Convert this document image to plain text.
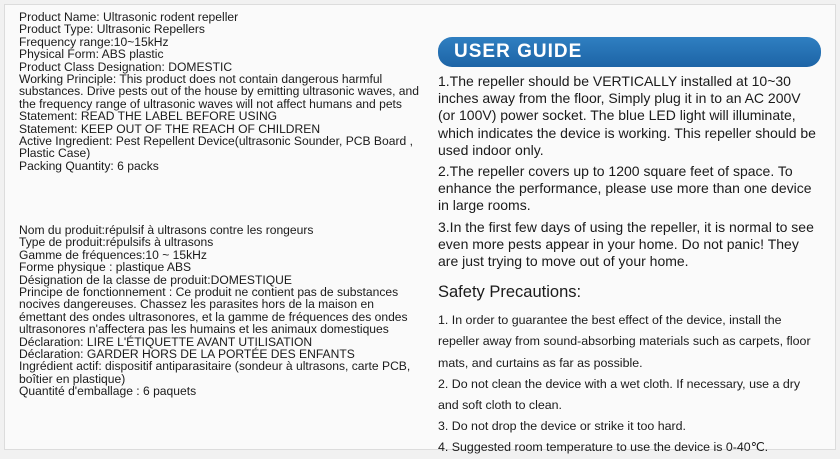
Product Name: Ultrasonic rodent repeller

Product Type: Ultrasonic Repellers

Frequency range:10~15kHz

Physical Form: ABS plastic

Product Class Designation: DOMESTIC

Working Principle: This product does not contain dangerous harmful substances. Drive pests out of the house by emitting ultrasonic waves, and the frequency range of ultrasonic waves will not affect humans and pets

Statement: READ THE LABEL BEFORE USING

Statement: KEEP OUT OF THE REACH OF CHILDREN

Active Ingredient: Pest Repellent Device(ultrasonic Sounder, PCB Board , Plastic Case)

Packing Quantity: 6 packs

Nom du produit:répulsif à ultrasons contre les rongeurs

Type de produit:répulsifs à ultrasons

Gamme de fréquences:10 ~ 15kHz

Forme physique : plastique ABS

Désignation de la classe de produit:DOMESTIQUE

Principe de fonctionnement : Ce produit ne contient pas de substances nocives dangereuses. Chassez les parasites hors de la maison en émettant des ondes ultrasonores, et la gamme de fréquences des ondes ultrasonores n'affectera pas les humains et les animaux domestiques

Déclaration: LIRE L'ÉTIQUETTE AVANT UTILISATION

Déclaration: GARDER HORS DE LA PORTÉE DES ENFANTS

Ingrédient actif: dispositif antiparasitaire (sondeur à ultrasons, carte PCB, boîtier en plastique)

Quantité d'emballage : 6 paquets

USER GUIDE
1.The repeller should be VERTICALLY installed at 10~30 inches away from the floor, Simply plug it in to an AC 200V (or 100V) power socket. The blue LED light will illuminate, which indicates the device is working. This repeller should be used indoor only.
2.The repeller covers up to 1200 square feet of space. To enhance the performance, please use more than one device in large rooms.
3.In the first few days of using the repeller, it is normal to see even more pests appear in your home. Do not panic! They are just trying to move out of your home.
Safety Precautions:
1. In order to guarantee the best effect of the device, install the repeller away from sound-absorbing materials such as carpets, floor mats, and curtains as far as possible.
2. Do not clean the device with a wet cloth. If necessary, use a dry and soft cloth to clean.
3. Do not drop the device or strike it too hard.
4. Suggested room temperature to use the device is 0-40℃.
